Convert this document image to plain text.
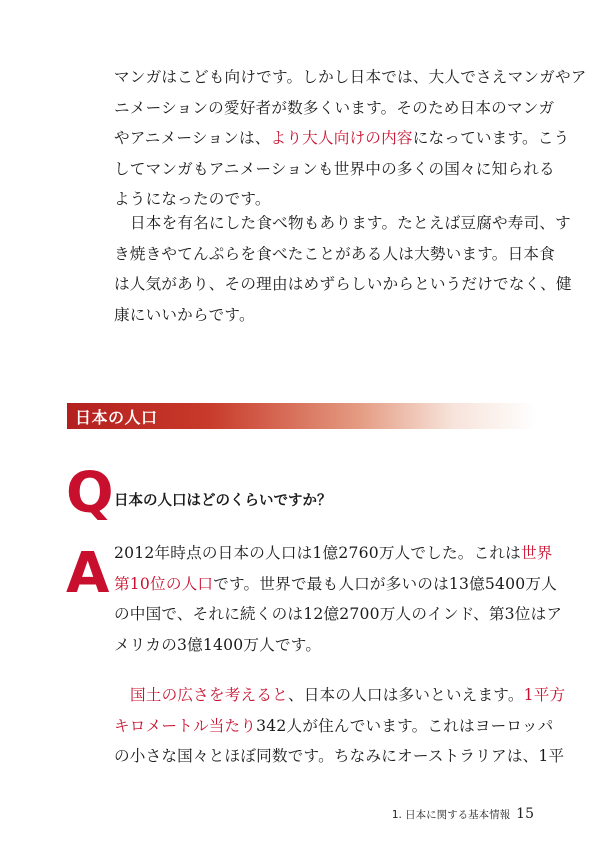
マンガはこども向けです。しかし日本では、大人でさえマンガやア
ニメーションの愛好者が数多くいます。そのため日本のマンガ
やアニメーションは、より大人向けの内容になっています。こう
してマンガもアニメーションも世界中の多くの国々に知られる
ようになったのです。

日本を有名にした食べ物もあります。たとえば豆腐や寿司、す
き焼きやてんぷらを食べたことがある人は大勢います。日本食
は人気があり、その理由はめずらしいからというだけでなく、健
康にいいからです。

日本の人口
Q 日本の人口はどのくらいですか？
A 2012年時点の日本の人口は1億2760万人でした。これは世界
第10位の人口です。世界で最も人口が多いのは13億5400万人
の中国で、それに続くのは12億2700万人のインド、第3位はア
メリカの3億1400万人です。

国土の広さを考えると、日本の人口は多いといえます。1平方
キロメートル当たり342人が住んでいます。これはヨーロッパ
の小さな国々とほぼ同数です。ちなみにオーストラリアは、1平

1. 日本に関する基本情報 15
